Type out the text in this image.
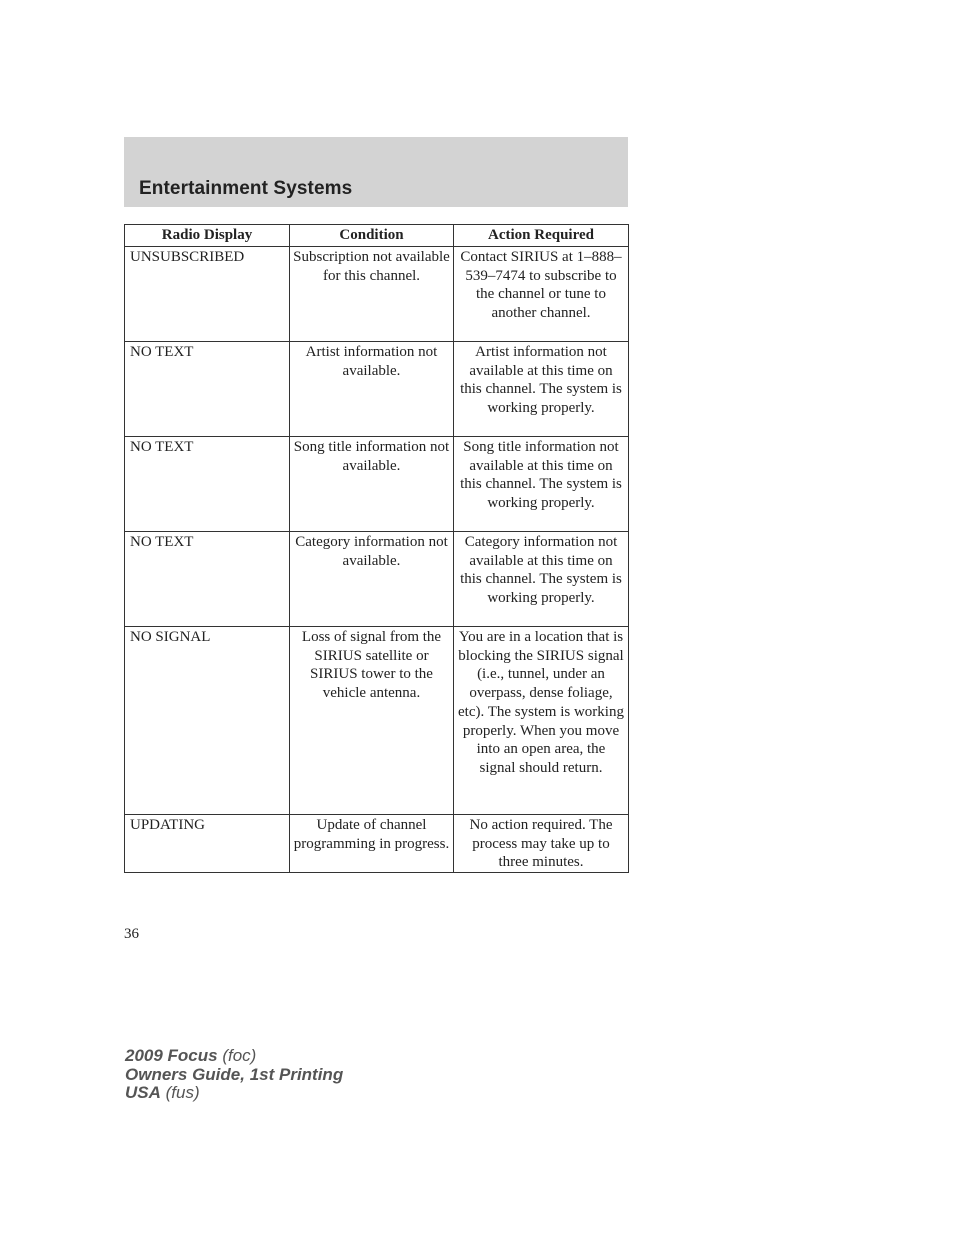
Entertainment Systems
Radio Display	Condition	Action Required
UNSUBSCRIBED	Subscription not available for this channel.	Contact SIRIUS at 1–888–539–7474 to subscribe to the channel or tune to another channel.
NO TEXT	Artist information not available.	Artist information not available at this time on this channel. The system is working properly.
NO TEXT	Song title information not available.	Song title information not available at this time on this channel. The system is working properly.
NO TEXT	Category information not available.	Category information not available at this time on this channel. The system is working properly.
NO SIGNAL	Loss of signal from the SIRIUS satellite or SIRIUS tower to the vehicle antenna.	You are in a location that is blocking the SIRIUS signal (i.e., tunnel, under an overpass, dense foliage, etc). The system is working properly. When you move into an open area, the signal should return.
UPDATING	Update of channel programming in progress.	No action required. The process may take up to three minutes.
36
2009 Focus (foc)
Owners Guide, 1st Printing
USA (fus)
